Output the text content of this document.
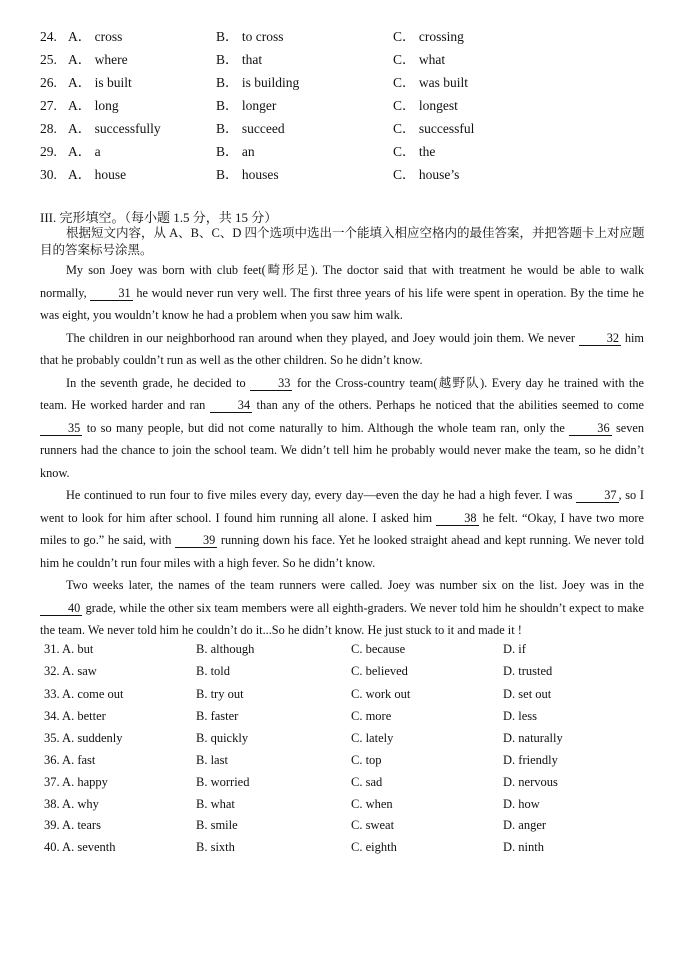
24. A． cross	B． to cross	C． crossing
25. A． where	B． that	C． what
26. A． is built	B． is building	C． was built
27. A． long	B． longer	C． longest
28. A． successfully	B． succeed	C． successful
29. A． a	B． an	C． the
30. A． house	B． houses	C． house’s
III. 完形填空。（每小题 1.5 分，共 15 分）
根据短文内容，从 A、B、C、D 四个选项中选出一个能填入相应空格内的最佳答案，并把答题卡上对应题目的答案标号涂黑。

My son Joey was born with club feet(畸形足). The doctor said that with treatment he would be able to walk normally, 31 he would never run very well. The first three years of his life were spent in operation. By the time he was eight, you wouldn’t know he had a problem when you saw him walk.

The children in our neighborhood ran around when they played, and Joey would join them. We never 32 him that he probably couldn’t run as well as the other children. So he didn’t know.

In the seventh grade, he decided to 33 for the Cross-country team(越野队). Every day he trained with the team. He worked harder and ran 34 than any of the others. Perhaps he noticed that the abilities seemed to come 35 to so many people, but did not come naturally to him. Although the whole team ran, only the 36 seven runners had the chance to join the school team. We didn’t tell him he probably would never make the team, so he didn’t know.

He continued to run four to five miles every day, every day—even the day he had a high fever. I was 37 , so I went to look for him after school. I found him running all alone. I asked him 38 he felt. “Okay, I have two more miles to go.” he said, with 39 running down his face. Yet he looked straight ahead and kept running. We never told him he couldn’t run four miles with a high fever. So he didn’t know.

Two weeks later, the names of the team runners were called. Joey was number six on the list. Joey was in the 40 grade, while the other six team members were all eighth-graders. We never told him he shouldn’t expect to make the team. We never told him he couldn’t do it...So he didn’t know. He just stuck to it and made it !

31. A. but	B. although	C. because	D. if
32. A. saw	B. told	C. believed	D. trusted
33. A. come out	B. try out	C. work out	D. set out
34. A. better	B. faster	C. more	D. less
35. A. suddenly	B. quickly	C. lately	D. naturally
36. A. fast	B. last	C. top	D. friendly
37. A. happy	B. worried	C. sad	D. nervous
38. A. why	B. what	C. when	D. how
39. A. tears	B. smile	C. sweat	D. anger
40. A. seventh	B. sixth	C. eighth	D. ninth
